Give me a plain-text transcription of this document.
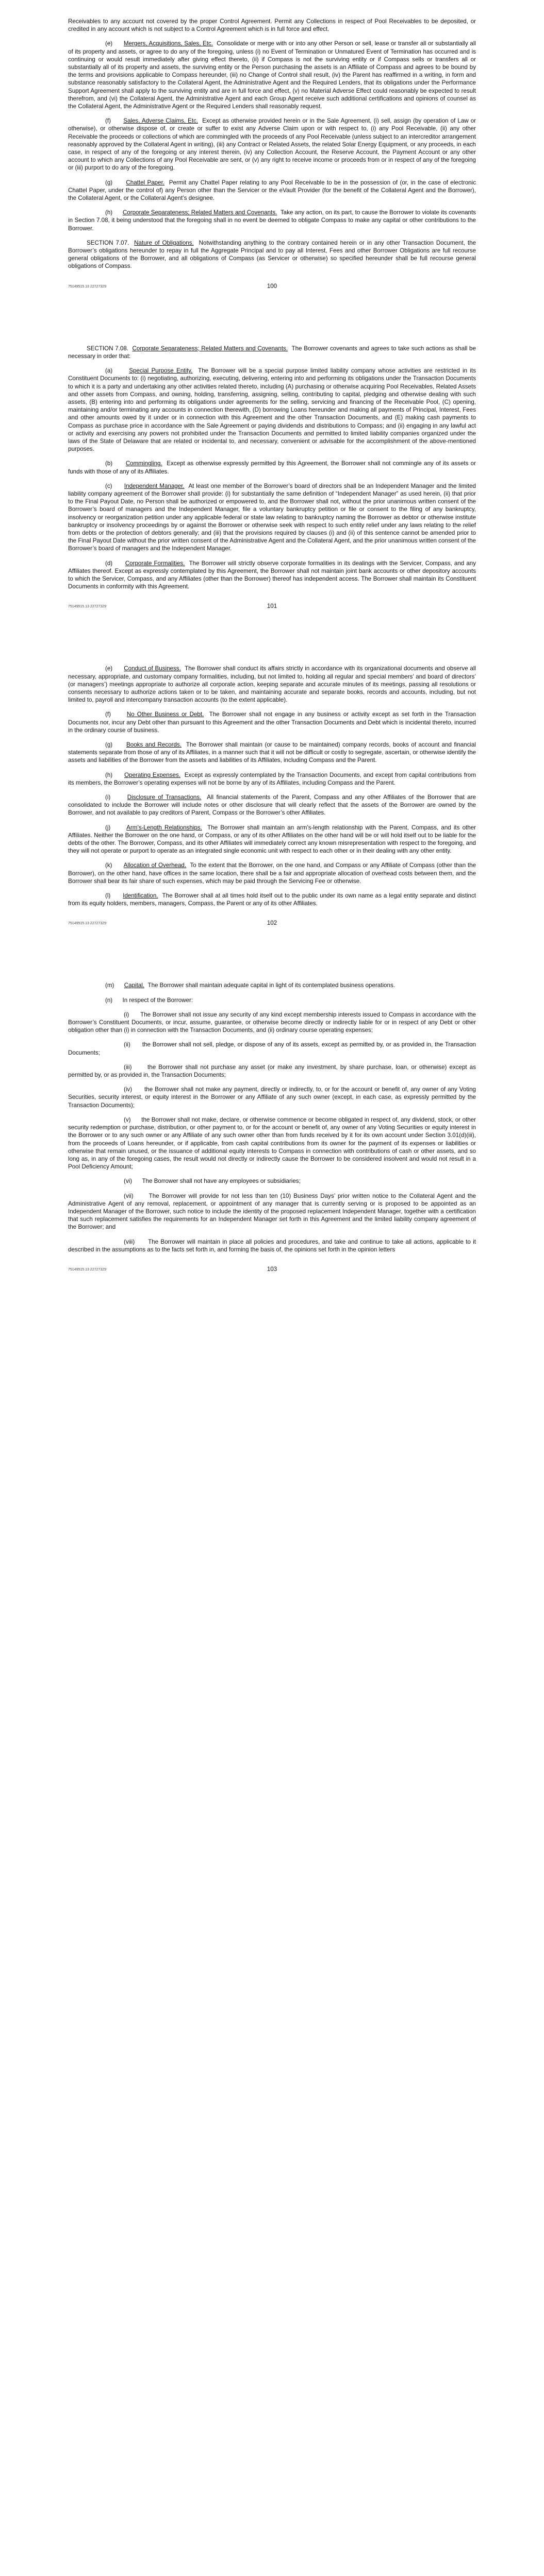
Receivables to any account not covered by the proper Control Agreement. Permit any Collections in respect of Pool Receivables to be deposited, or credited in any account which is not subject to a Control Agreement which is in full force and effect.

(e) Mergers, Acquisitions, Sales, Etc. Consolidate or merge with or into any other Person or sell, lease or transfer all or substantially all of its property and assets, or agree to do any of the foregoing, unless (i) no Event of Termination or Unmatured Event of Termination has occurred and is continuing or would result immediately after giving effect thereto, (ii) if Compass is not the surviving entity or if Compass sells or transfers all or substantially all of its property and assets, the surviving entity or the Person purchasing the assets is an Affiliate of Compass and agrees to be bound by the terms and provisions applicable to Compass hereunder, (iii) no Change of Control shall result, (iv) the Parent has reaffirmed in a writing, in form and substance reasonably satisfactory to the Collateral Agent, the Administrative Agent and the Required Lenders, that its obligations under the Performance Support Agreement shall apply to the surviving entity and are in full force and effect, (v) no Material Adverse Effect could reasonably be expected to result therefrom, and (vi) the Collateral Agent, the Administrative Agent and each Group Agent receive such additional certifications and opinions of counsel as the Collateral Agent, the Administrative Agent or the Required Lenders shall reasonably request.

(f) Sales, Adverse Claims, Etc. Except as otherwise provided herein or in the Sale Agreement, (i) sell, assign (by operation of Law or otherwise), or otherwise dispose of, or create or suffer to exist any Adverse Claim upon or with respect to, (i) any Pool Receivable, (ii) any other Receivable the proceeds or collections of which are commingled with the proceeds of any Pool Receivable (unless subject to an intercreditor arrangement reasonably approved by the Collateral Agent in writing), (iii) any Contract or Related Assets, the related Solar Energy Equipment, or any proceeds, in each case, in respect of any of the foregoing or any interest therein, (iv) any Collection Account, the Reserve Account, the Payment Account or any other account to which any Collections of any Pool Receivable are sent, or (v) any right to receive income or proceeds from or in respect of any of the foregoing or (iii) purport to do any of the foregoing.

(g) Chattel Paper. Permit any Chattel Paper relating to any Pool Receivable to be in the possession of (or, in the case of electronic Chattel Paper, under the control of) any Person other than the Servicer or the eVault Provider (for the benefit of the Collateral Agent and the Borrower), the Collateral Agent, or the Collateral Agent’s designee.

(h) Corporate Separateness; Related Matters and Covenants. Take any action, on its part, to cause the Borrower to violate its covenants in Section 7.08, it being understood that the foregoing shall in no event be deemed to obligate Compass to make any capital or other contributions to the Borrower.

SECTION 7.07. Nature of Obligations. Notwithstanding anything to the contrary contained herein or in any other Transaction Document, the Borrower’s obligations hereunder to repay in full the Aggregate Principal and to pay all Interest, Fees and other Borrower Obligations are full recourse general obligations of the Borrower, and all obligations of Compass (as Servicer or otherwise) so specified hereunder shall be full recourse general obligations of Compass.

75149515.13 22727329	100

SECTION 7.08. Corporate Separateness; Related Matters and Covenants. The Borrower covenants and agrees to take such actions as shall be necessary in order that:

(a)	Special Purpose Entity. The Borrower will be a special purpose limited liability company whose activities are restricted in its Constituent Documents to: (i) negotiating, authorizing, executing, delivering, entering into and performing its obligations under the Transaction Documents to which it is a party and undertaking any other activities related thereto, including (A) purchasing or otherwise acquiring Pool Receivables, Related Assets and other assets from Compass, and owning, holding, transferring, assigning, selling, contributing to capital, pledging and otherwise dealing with such assets, (B) entering into and performing its obligations under agreements for the selling, servicing and financing of the Receivable Pool, (C) opening, maintaining and/or terminating any accounts in connection therewith, (D) borrowing Loans hereunder and making all payments of Principal, Interest, Fees and other amounts owed by it under or in connection with this Agreement and the other Transaction Documents, and (E) making cash payments to Compass as purchase price in accordance with the Sale Agreement or paying dividends and distributions to Compass; and (ii) engaging in any lawful act or activity and exercising any powers not prohibited under the Transaction Documents and permitted to limited liability companies organized under the laws of the State of Delaware that are related or incidental to, and necessary, convenient or advisable for the accomplishment of the above-mentioned purposes.

(b) Commingling. Except as otherwise expressly permitted by this Agreement, the Borrower shall not commingle any of its assets or funds with those of any of its Affiliates.

(c) Independent Manager. At least one member of the Borrower’s board of directors shall be an Independent Manager and the limited liability company agreement of the Borrower shall provide: (i) for substantially the same definition of “Independent Manager” as used herein, (ii) that prior to the Final Payout Date, no Person shall be authorized or empowered to, and the Borrower shall not, without the prior unanimous written consent of the Borrower’s board of managers and the Independent Manager, file a voluntary bankruptcy petition or file or consent to the filing of any bankruptcy, insolvency or reorganization petition under any applicable federal or state law relating to bankruptcy naming the Borrower as debtor or otherwise institute bankruptcy or insolvency proceedings by or against the Borrower or otherwise seek with respect to such entity relief under any laws relating to the relief from debts or the protection of debtors generally; and (iii) that the provisions required by clauses (i) and (ii) of this sentence cannot be amended prior to the Final Payout Date without the prior written consent of the Administrative Agent and the Collateral Agent, and the prior unanimous written consent of the Borrower’s board of managers and the Independent Manager.

(d) Corporate Formalities. The Borrower will strictly observe corporate formalities in its dealings with the Servicer, Compass, and any Affiliates thereof. Except as expressly contemplated by this Agreement, the Borrower shall not maintain joint bank accounts or other depository accounts to which the Servicer, Compass, and any Affiliates (other than the Borrower) thereof has independent access. The Borrower shall maintain its Constituent Documents in conformity with this Agreement.

75149515.13 22727329	101

(e) Conduct of Business. The Borrower shall conduct its affairs strictly in accordance with its organizational documents and observe all necessary, appropriate, and customary company formalities, including, but not limited to, holding all regular and special members’ and board of directors’ (or managers’) meetings appropriate to authorize all corporate action, keeping separate and accurate minutes of its meetings, passing all resolutions or consents necessary to authorize actions taken or to be taken, and maintaining accurate and separate books, records and accounts, including, but not limited to, payroll and intercompany transaction accounts (to the extent applicable).

(f)	No Other Business or Debt. The Borrower shall not engage in any business or activity except as set forth in the Transaction Documents nor, incur any Debt other than pursuant to this Agreement and the other Transaction Documents and Debt which is incidental thereto, incurred in the ordinary course of business.

(g) Books and Records. The Borrower shall maintain (or cause to be maintained) company records, books of account and financial statements separate from those of any of its Affiliates, in a manner such that it will not be difficult or costly to segregate, ascertain, or otherwise identify the assets and liabilities of the Borrower from the assets and liabilities of its Affiliates, including Compass and the Parent.

(h) Operating Expenses. Except as expressly contemplated by the Transaction Documents, and except from capital contributions from its members, the Borrower’s operating expenses will not be borne by any of its Affiliates, including Compass and the Parent.

(i)	Disclosure of Transactions. All financial statements of the Parent, Compass and any other Affiliates of the Borrower that are consolidated to include the Borrower will include notes or other disclosure that will clearly reflect that the assets of the Borrower are owned by the Borrower, and not available to pay creditors of Parent, Compass or the Borrower’s other Affiliates.

(j)	Arm’s-Length Relationships. The Borrower shall maintain an arm’s-length relationship with the Parent, Compass, and its other Affiliates. Neither the Borrower on the one hand, or Compass, or any of its other Affiliates on the other hand will be or will hold itself out to be liable for the debts of the other. The Borrower, Compass, and its other Affiliates will immediately correct any known misrepresentation with respect to the foregoing, and they will not operate or purport to operate as an integrated single economic unit with respect to each other or in their dealing with any other entity.

(k) Allocation of Overhead. To the extent that the Borrower, on the one hand, and Compass or any Affiliate of Compass (other than the Borrower), on the other hand, have offices in the same location, there shall be a fair and appropriate allocation of overhead costs between them, and the Borrower shall bear its fair share of such expenses, which may be paid through the Servicing Fee or otherwise.

(l) Identification. The Borrower shall at all times hold itself out to the public under its own name as a legal entity separate and distinct from its equity holders, members, managers, Compass, the Parent or any of its other Affiliates.

75149515.13 22727329	102

(m) Capital. The Borrower shall maintain adequate capital in light of its contemplated business operations.

(n) In respect of the Borrower:

(i) The Borrower shall not issue any security of any kind except membership interests issued to Compass in accordance with the Borrower’s Constituent Documents, or incur, assume, guarantee, or otherwise become directly or indirectly liable for or in respect of any Debt or other obligation other than (i) in connection with the Transaction Documents, and (ii) ordinary course operating expenses;

(ii) the Borrower shall not sell, pledge, or dispose of any of its assets, except as permitted by, or as provided in, the Transaction Documents;

(iii)	the Borrower shall not purchase any asset (or make any investment, by share purchase, loan, or otherwise) except as permitted by, or as provided in, the Transaction Documents;

(iv) the Borrower shall not make any payment, directly or indirectly, to, or for the account or benefit of, any owner of any Voting Securities, security interest, or equity interest in the Borrower or any Affiliate of any such owner (except, in each case, as expressly permitted by the Transaction Documents);

(v) the Borrower shall not make, declare, or otherwise commence or become obligated in respect of, any dividend, stock, or other security redemption or purchase, distribution, or other payment to, or for the account or benefit of, any owner of any Voting Securities or equity interest in the Borrower or to any such owner or any Affiliate of any such owner other than from funds received by it for its own account under Section 3.01(d)(iii), from the proceeds of Loans hereunder, or if applicable, from cash capital contributions from its owner for the payment of its expenses or liabilities or otherwise that remain unused, or the issuance of additional equity interests to Compass in connection with contributions of cash or other assets, and so long as, in any of the foregoing cases, the result would not directly or indirectly cause the Borrower to be considered insolvent and would not result in a Pool Deficiency Amount;

(vi) The Borrower shall not have any employees or subsidiaries;

(vii)	The Borrower will provide for not less than ten (10) Business Days’ prior written notice to the Collateral Agent and the Administrative Agent of any removal, replacement, or appointment of any manager that is currently serving or is proposed to be appointed as an Independent Manager of the Borrower, such notice to include the identity of the proposed replacement Independent Manager, together with a certification that such replacement satisfies the requirements for an Independent Manager set forth in this Agreement and the limited liability company agreement of the Borrower; and

(viii) The Borrower will maintain in place all policies and procedures, and take and continue to take all actions, applicable to it described in the assumptions as to the facts set forth in, and forming the basis of, the opinions set forth in the opinion letters

75149515.13 22727329	103
